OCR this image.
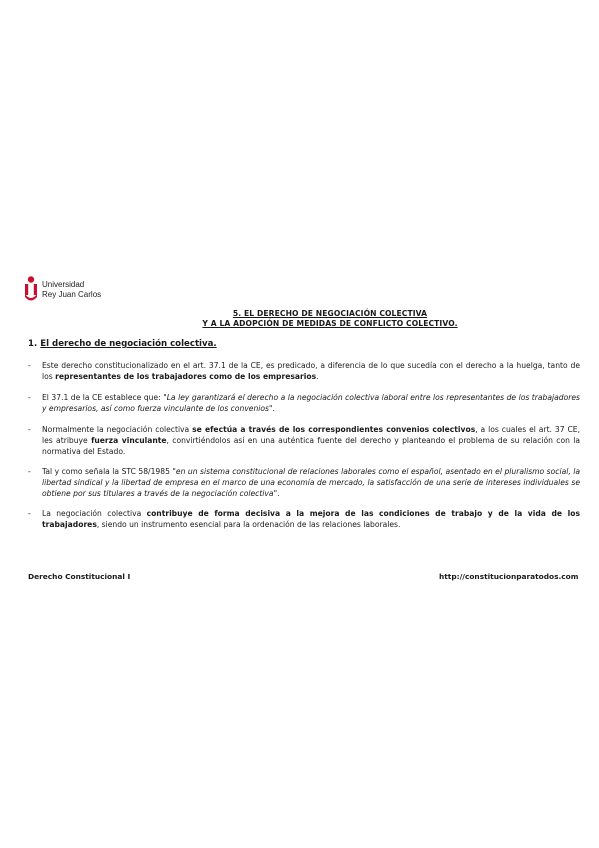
Universidad
Rey Juan Carlos
5. EL DERECHO DE NEGOCIACIÓN COLECTIVA
Y A LA ADOPCIÓN DE MEDIDAS DE CONFLICTO COLECTIVO.
1. El derecho de negociación colectiva.
-	Este derecho constitucionalizado en el art. 37.1 de la CE, es predicado, a diferencia de lo que sucedía con el derecho a la huelga, tanto de los representantes de los trabajadores como de los empresarios.
-	El 37.1 de la CE establece que: "La ley garantizará el derecho a la negociación colectiva laboral entre los representantes de los trabajadores y empresarios, así como fuerza vinculante de los convenios".
-	Normalmente la negociación colectiva se efectúa a través de los correspondientes convenios colectivos, a los cuales el art. 37 CE, les atribuye fuerza vinculante, convirtiéndolos así en una auténtica fuente del derecho y planteando el problema de su relación con la normativa del Estado.
-	Tal y como señala la STC 58/1985 "en un sistema constitucional de relaciones laborales como el español, asentado en el pluralismo social, la libertad sindical y la libertad de empresa en el marco de una economía de mercado, la satisfacción de una serie de intereses individuales se obtiene por sus titulares a través de la negociación colectiva".
-	La negociación colectiva contribuye de forma decisiva a la mejora de las condiciones de trabajo y de la vida de los trabajadores, siendo un instrumento esencial para la ordenación de las relaciones laborales.
Derecho Constitucional I	http://constitucionparatodos.com
